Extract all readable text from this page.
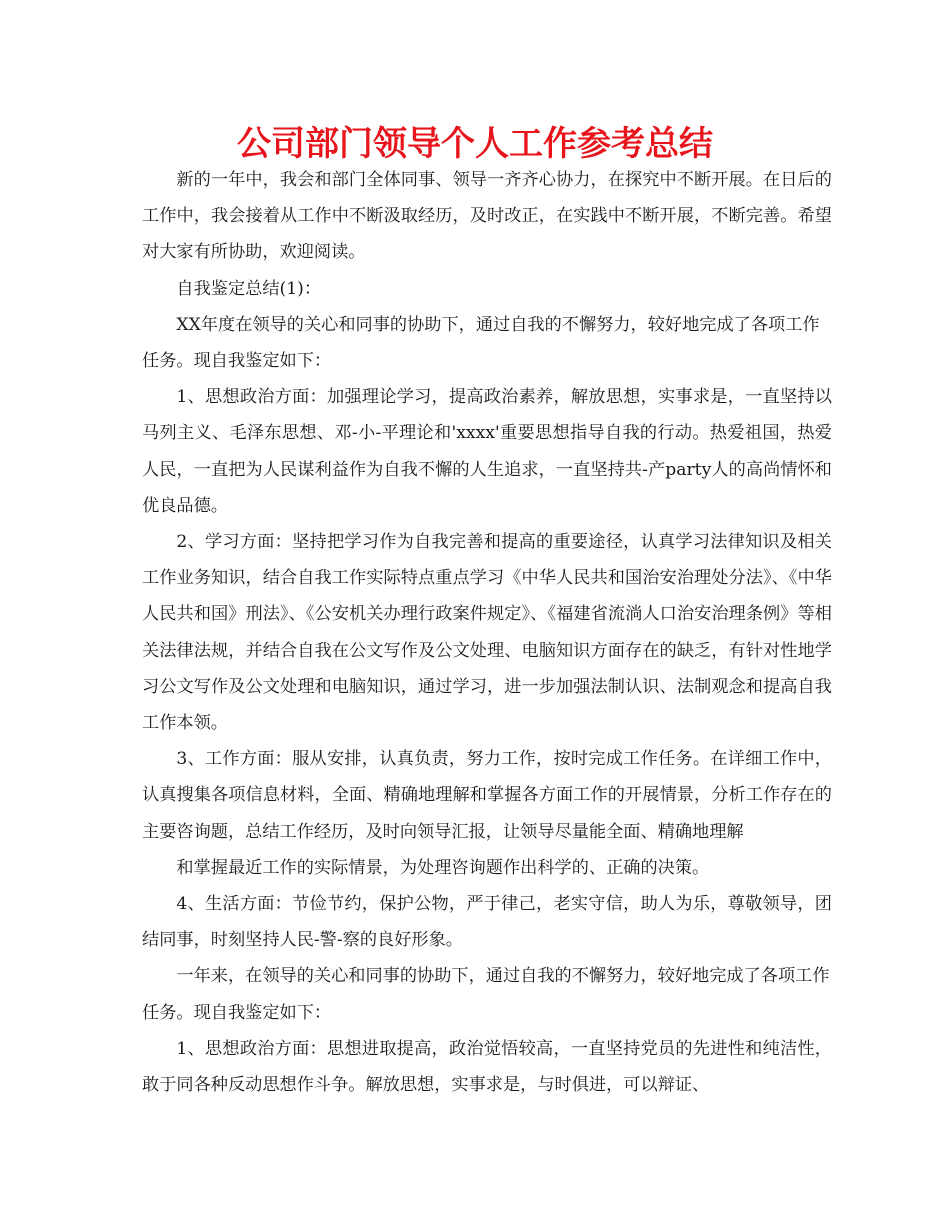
公司部门领导个人工作参考总结

新的一年中，我会和部门全体同事、领导一齐齐心协力，在探究中不断开展。在日后的工作中，我会接着从工作中不断汲取经历，及时改正，在实践中不断开展，不断完善。希望对大家有所协助，欢迎阅读。

自我鉴定总结(1)：

XX年度在领导的关心和同事的协助下，通过自我的不懈努力，较好地完成了各项工作任务。现自我鉴定如下：

1、思想政治方面：加强理论学习，提高政治素养，解放思想，实事求是，一直坚持以马列主义、毛泽东思想、邓-小-平理论和'xxxx'重要思想指导自我的行动。热爱祖国，热爱人民，一直把为人民谋利益作为自我不懈的人生追求，一直坚持共-产party人的高尚情怀和优良品德。

2、学习方面：坚持把学习作为自我完善和提高的重要途径，认真学习法律知识及相关工作业务知识，结合自我工作实际特点重点学习《中华人民共和国治安治理处分法》、《中华人民共和国》刑法》、《公安机关办理行政案件规定》、《福建省流淌人口治安治理条例》等相关法律法规，并结合自我在公文写作及公文处理、电脑知识方面存在的缺乏，有针对性地学习公文写作及公文处理和电脑知识，通过学习，进一步加强法制认识、法制观念和提高自我工作本领。

3、工作方面：服从安排，认真负责，努力工作，按时完成工作任务。在详细工作中，认真搜集各项信息材料，全面、精确地理解和掌握各方面工作的开展情景，分析工作存在的主要咨询题，总结工作经历，及时向领导汇报，让领导尽量能全面、精确地理解

和掌握最近工作的实际情景，为处理咨询题作出科学的、正确的决策。

4、生活方面：节俭节约，保护公物，严于律己，老实守信，助人为乐，尊敬领导，团结同事，时刻坚持人民-警-察的良好形象。

一年来，在领导的关心和同事的协助下，通过自我的不懈努力，较好地完成了各项工作任务。现自我鉴定如下：

1、思想政治方面：思想进取提高，政治觉悟较高，一直坚持党员的先进性和纯洁性，敢于同各种反动思想作斗争。解放思想，实事求是，与时俱进，可以辩证、
